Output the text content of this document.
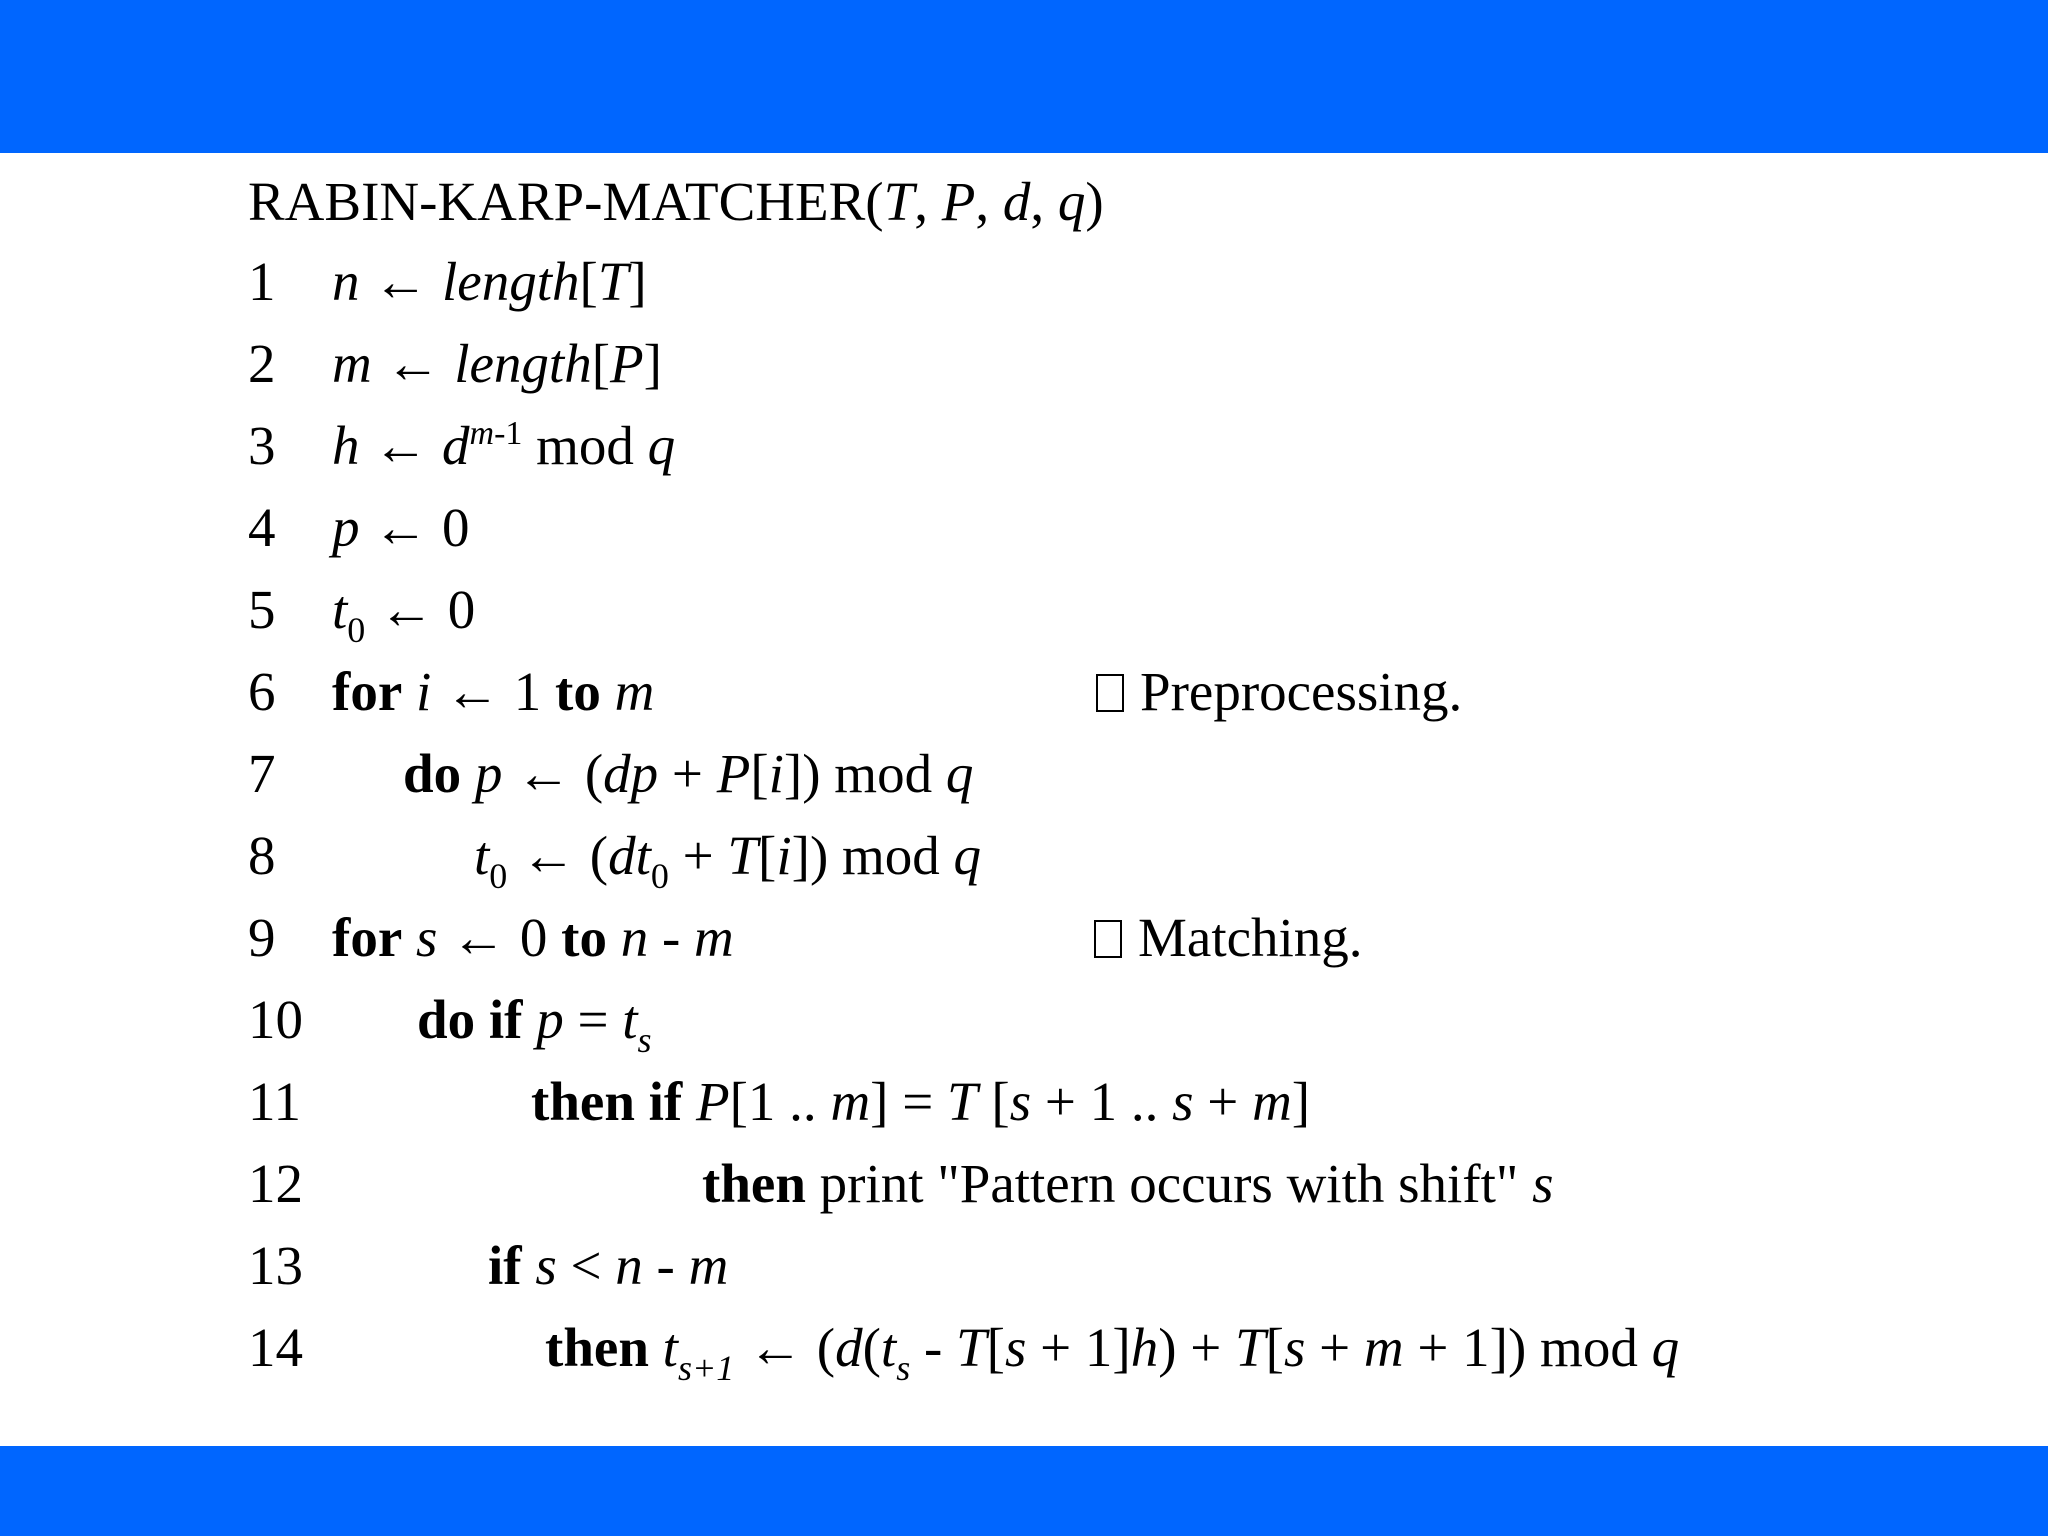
RABIN-KARP-MATCHER(T, P, d, q)
1 n ← length[T]
2 m ← length[P]
3 h ← $d^{m-1}$ mod q
4 p ← 0
5 $t_0$ ← 0
6 for i ← 1 to m	Preprocessing.
7 do p ← (dp + P[i]) mod q
8	$t_0$ ← $(dt_0 + T[i])$ mod q
9 for s ← 0 to n - m	Matching.
10 do if $p = t_s$
11	then if P[1 .. m] = T [s + 1 .. s + m]
12	then print "Pattern occurs with shift" s
13	if s < n - m
14	then $t_{s+1}$ ← $(d(t_s - T[s + 1]h) + T[s + m + 1])$ mod q
